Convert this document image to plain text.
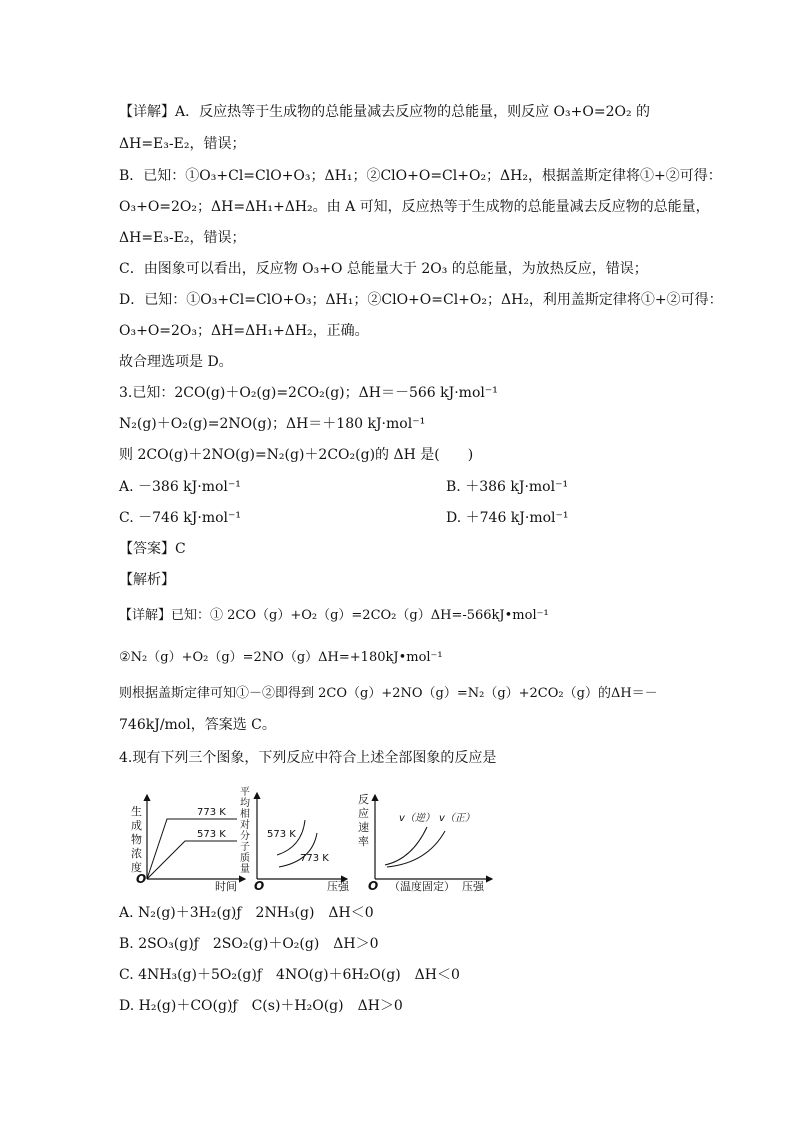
【详解】A．反应热等于生成物的总能量减去反应物的总能量，则反应 O₃+O=2O₂ 的
ΔH=E₃-E₂，错误；
B．已知：①O₃+Cl=ClO+O₃；ΔH₁；②ClO+O=Cl+O₂；ΔH₂，根据盖斯定律将①+②可得：
O₃+O=2O₂；ΔH=ΔH₁+ΔH₂。由 A 可知，反应热等于生成物的总能量减去反应物的总能量，
ΔH=E₃-E₂，错误；
C．由图象可以看出，反应物 O₃+O 总能量大于 2O₃ 的总能量，为放热反应，错误；
D．已知：①O₃+Cl=ClO+O₃；ΔH₁；②ClO+O=Cl+O₂；ΔH₂，利用盖斯定律将①+②可得：
O₃+O=2O₃；ΔH=ΔH₁+ΔH₂，正确。
故合理选项是 D。
3.已知：2CO(g)＋O₂(g)=2CO₂(g)；ΔH＝－566 kJ·mol⁻¹
N₂(g)＋O₂(g)=2NO(g)；ΔH＝＋180 kJ·mol⁻¹
则 2CO(g)＋2NO(g)=N₂(g)＋2CO₂(g)的 ΔH 是(　　)
A. －386 kJ·mol⁻¹	B. ＋386 kJ·mol⁻¹
C. －746 kJ·mol⁻¹	D. ＋746 kJ·mol⁻¹
【答案】C
【解析】
【详解】已知：① 2CO（g）+O₂（g）=2CO₂（g）ΔH=-566kJ•mol⁻¹
②N₂（g）+O₂（g）=2NO（g）ΔH=+180kJ•mol⁻¹
则根据盖斯定律可知①－②即得到 2CO（g）+2NO（g）=N₂（g）+2CO₂（g）的ΔH＝－
746kJ/mol，答案选 C。
4.现有下列三个图象，下列反应中符合上述全部图象的反应是
生
成
物
浓
度
O
时间
773 K
573 K
平
均
相
对
分
子
质
量
O	压强
573 K
773 K
反
应
速
率
O （温度固定） 压强
v（逆） v（正）
A. N₂(g)＋3H₂(g)ƒ　2NH₃(g)　ΔH＜0
B. 2SO₃(g)ƒ　2SO₂(g)＋O₂(g)　ΔH＞0
C. 4NH₃(g)＋5O₂(g)ƒ　4NO(g)＋6H₂O(g)　ΔH＜0
D. H₂(g)＋CO(g)ƒ　C(s)＋H₂O(g)　ΔH＞0
